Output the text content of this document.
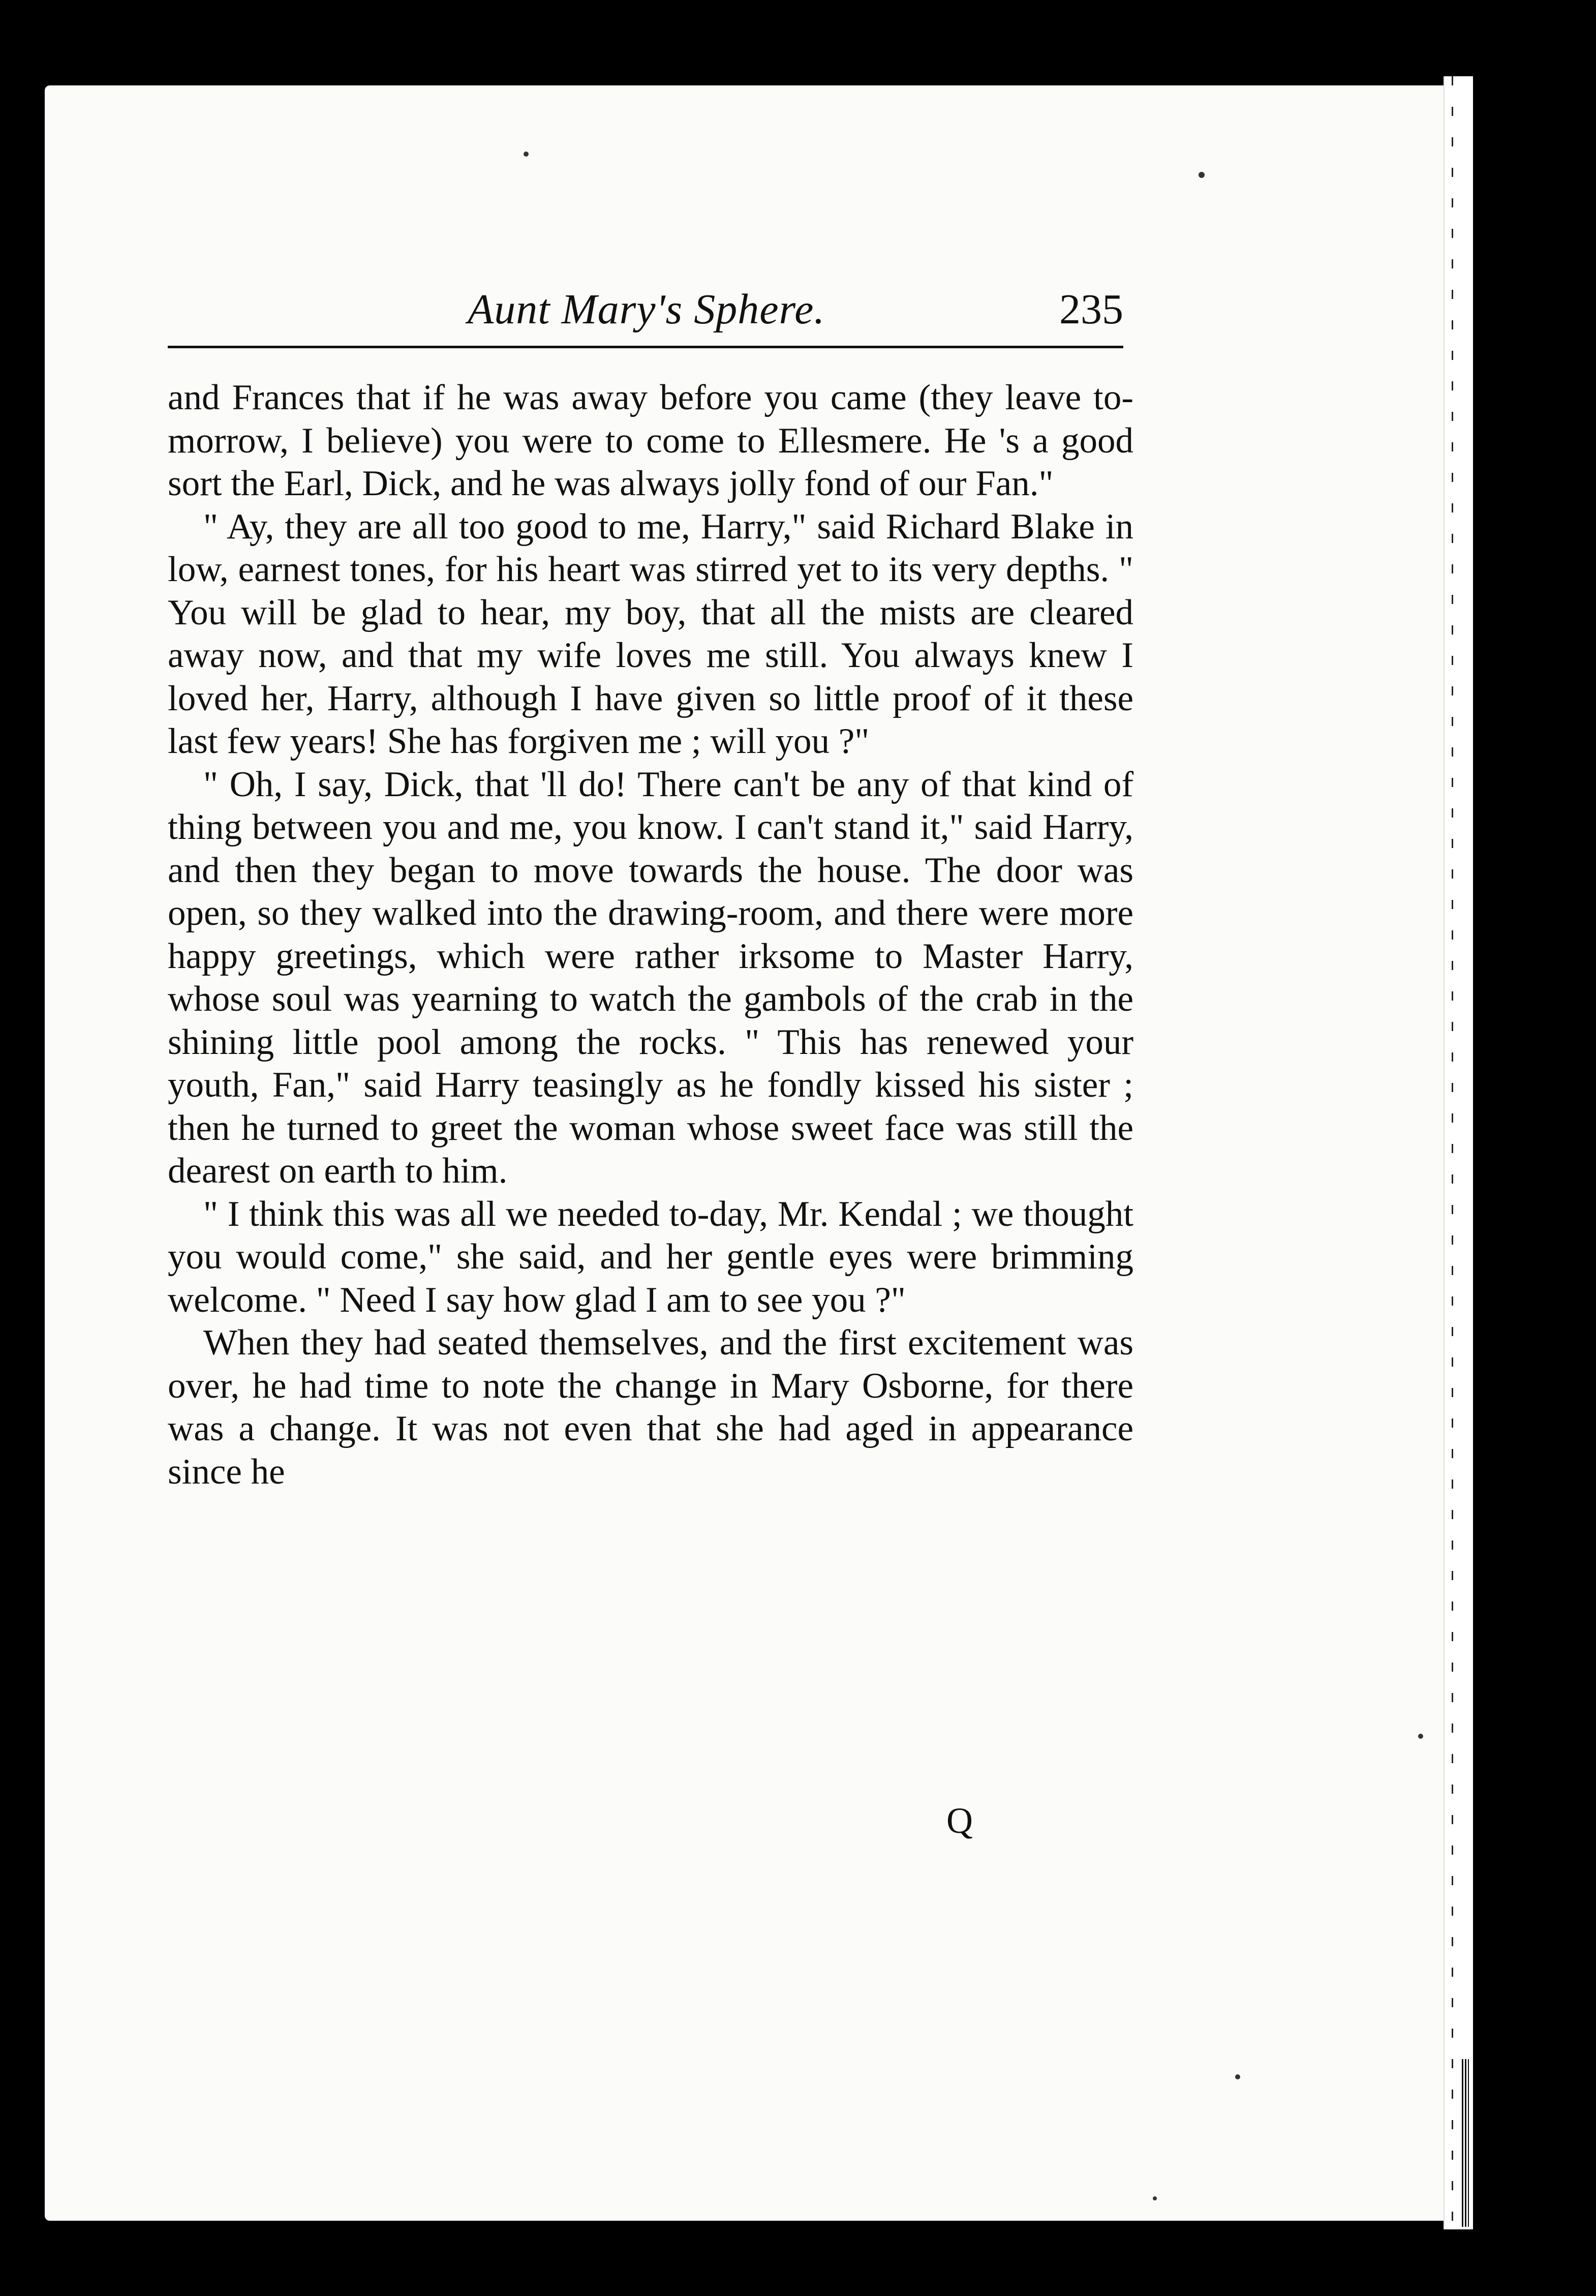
Aunt Mary's Sphere.	235

and Frances that if he was away before you came (they leave to-morrow, I believe) you were to come to Ellesmere. He 's a good sort the Earl, Dick, and he was always jolly fond of our Fan."

" Ay, they are all too good to me, Harry," said Richard Blake in low, earnest tones, for his heart was stirred yet to its very depths. " You will be glad to hear, my boy, that all the mists are cleared away now, and that my wife loves me still. You always knew I loved her, Harry, although I have given so little proof of it these last few years! She has forgiven me ; will you ?"

" Oh, I say, Dick, that 'll do! There can't be any of that kind of thing between you and me, you know. I can't stand it," said Harry, and then they began to move towards the house. The door was open, so they walked into the drawing-room, and there were more happy greetings, which were rather irksome to Master Harry, whose soul was yearning to watch the gambols of the crab in the shining little pool among the rocks. " This has renewed your youth, Fan," said Harry teasingly as he fondly kissed his sister ; then he turned to greet the woman whose sweet face was still the dearest on earth to him.

" I think this was all we needed to-day, Mr. Kendal ; we thought you would come," she said, and her gentle eyes were brimming welcome. " Need I say how glad I am to see you ?"

When they had seated themselves, and the first excitement was over, he had time to note the change in Mary Osborne, for there was a change. It was not even that she had aged in appearance since he

Q
